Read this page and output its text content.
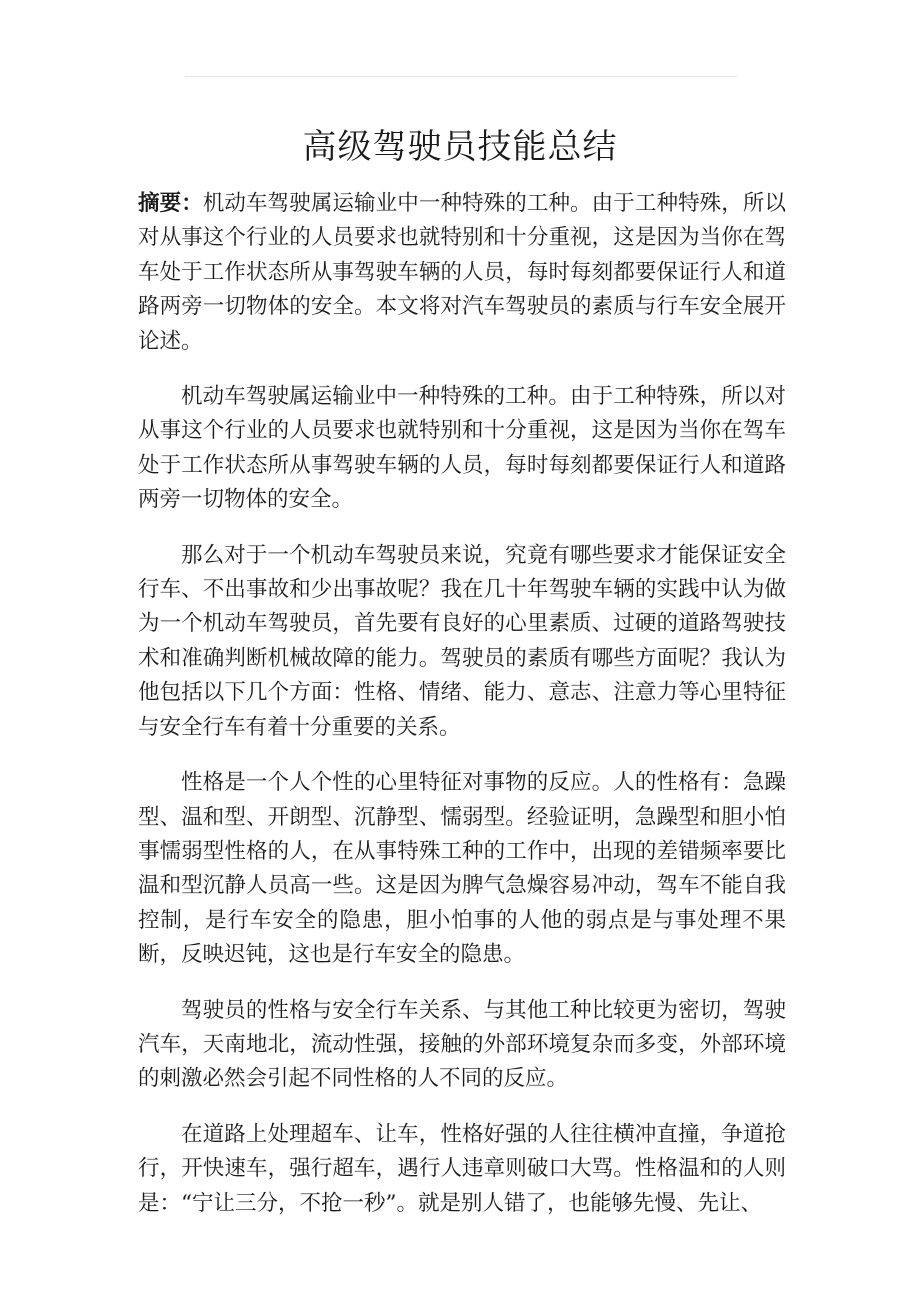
高级驾驶员技能总结

摘要：机动车驾驶属运输业中一种特殊的工种。由于工种特殊，所以对从事这个行业的人员要求也就特别和十分重视，这是因为当你在驾车处于工作状态所从事驾驶车辆的人员，每时每刻都要保证行人和道路两旁一切物体的安全。本文将对汽车驾驶员的素质与行车安全展开论述。

机动车驾驶属运输业中一种特殊的工种。由于工种特殊，所以对从事这个行业的人员要求也就特别和十分重视，这是因为当你在驾车处于工作状态所从事驾驶车辆的人员，每时每刻都要保证行人和道路两旁一切物体的安全。

那么对于一个机动车驾驶员来说，究竟有哪些要求才能保证安全行车、不出事故和少出事故呢？我在几十年驾驶车辆的实践中认为做为一个机动车驾驶员，首先要有良好的心里素质、过硬的道路驾驶技术和准确判断机械故障的能力。驾驶员的素质有哪些方面呢？我认为他包括以下几个方面：性格、情绪、能力、意志、注意力等心里特征与安全行车有着十分重要的关系。

性格是一个人个性的心里特征对事物的反应。人的性格有：急躁型、温和型、开朗型、沉静型、懦弱型。经验证明，急躁型和胆小怕事懦弱型性格的人，在从事特殊工种的工作中，出现的差错频率要比温和型沉静人员高一些。这是因为脾气急燥容易冲动，驾车不能自我控制，是行车安全的隐患，胆小怕事的人他的弱点是与事处理不果断，反映迟钝，这也是行车安全的隐患。

驾驶员的性格与安全行车关系、与其他工种比较更为密切，驾驶汽车，天南地北，流动性强，接触的外部环境复杂而多变，外部环境的刺激必然会引起不同性格的人不同的反应。

在道路上处理超车、让车，性格好强的人往往横冲直撞，争道抢行，开快速车，强行超车，遇行人违章则破口大骂。性格温和的人则是：“宁让三分，不抢一秒”。就是别人错了，也能够先慢、先让、
